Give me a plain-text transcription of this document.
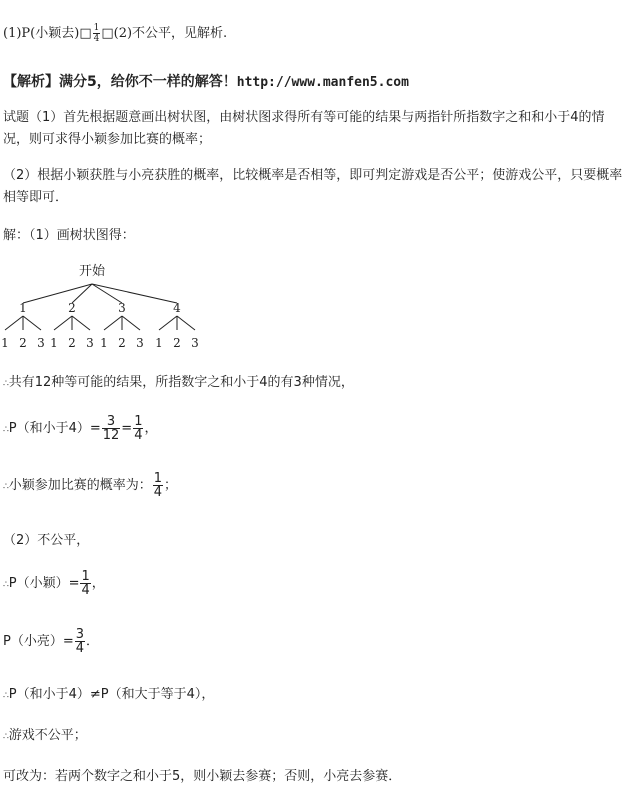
(1)P(小颖去)□ $\frac{1}{4}$ □(2)不公平，见解析.
【解析】满分5，给你不一样的解答！http://www.manfen5.com
试题（1）首先根据题意画出树状图，由树状图求得所有等可能的结果与两指针所指数字之和和小于4的情况，则可求得小颖参加比赛的概率；
（2）根据小颖获胜与小亮获胜的概率，比较概率是否相等，即可判定游戏是否公平；使游戏公平，只要概率相等即可．
解：（1）画树状图得：
开始
1
1 2 3
2
1 2 3
3
1 2 3
4
1 2 3
∴共有12种等可能的结果，所指数字之和小于4的有3种情况，
∴P（和小于$4)= \frac{3}{12} = \frac{1}{4}$ ，
∴小颖参加比赛的概率为： $\frac{1}{4}$ ；
（2）不公平，
∴P（小颖）= $\frac{1}{4}$ ，
P（小亮）= $\frac{3}{4}$ ．
∴P（和小于4）≠P（和大于等于4），
∴游戏不公平；
可改为：若两个数字之和小于5，则小颖去参赛；否则，小亮去参赛．
